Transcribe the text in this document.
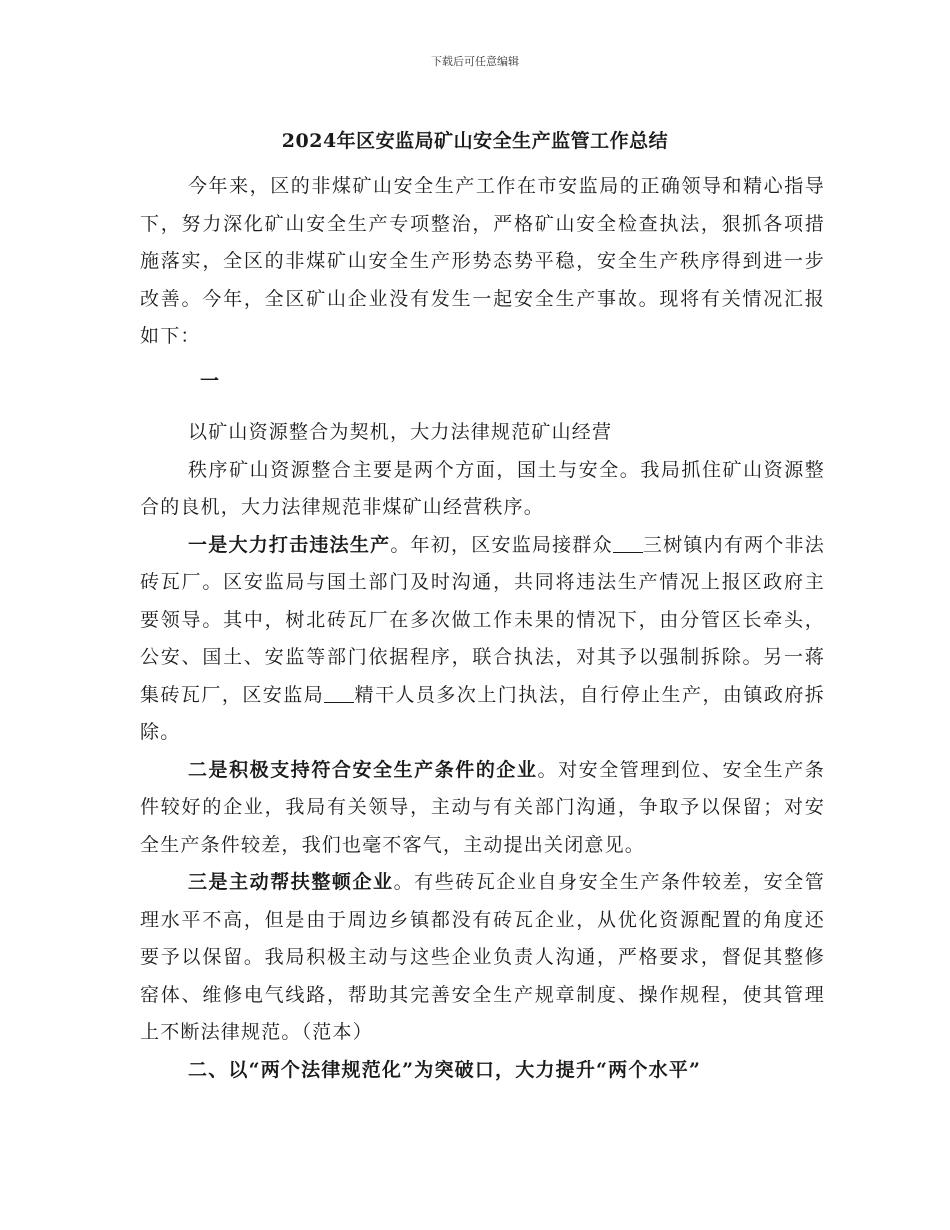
下载后可任意编辑
2024年区安监局矿山安全生产监管工作总结

今年来，区的非煤矿山安全生产工作在市安监局的正确领导和精心指导下，努力深化矿山安全生产专项整治，严格矿山安全检查执法，狠抓各项措施落实，全区的非煤矿山安全生产形势态势平稳，安全生产秩序得到进一步改善。今年，全区矿山企业没有发生一起安全生产事故。现将有关情况汇报如下：

一

以矿山资源整合为契机，大力法律规范矿山经营

秩序矿山资源整合主要是两个方面，国土与安全。我局抓住矿山资源整合的良机，大力法律规范非煤矿山经营秩序。

一是大力打击违法生产。年初，区安监局接群众 三树镇内有两个非法砖瓦厂。区安监局与国土部门及时沟通，共同将违法生产情况上报区政府主要领导。其中，树北砖瓦厂在多次做工作未果的情况下，由分管区长牵头，公安、国土、安监等部门依据程序，联合执法，对其予以强制拆除。另一蒋集砖瓦厂，区安监局 精干人员多次上门执法，自行停止生产，由镇政府拆除。

二是积极支持符合安全生产条件的企业。对安全管理到位、安全生产条件较好的企业，我局有关领导，主动与有关部门沟通，争取予以保留；对安全生产条件较差，我们也毫不客气，主动提出关闭意见。

三是主动帮扶整顿企业。有些砖瓦企业自身安全生产条件较差，安全管理水平不高，但是由于周边乡镇都没有砖瓦企业，从优化资源配置的角度还要予以保留。我局积极主动与这些企业负责人沟通，严格要求，督促其整修窑体、维修电气线路，帮助其完善安全生产规章制度、操作规程，使其管理上不断法律规范。（范本）

二、以“两个法律规范化”为突破口，大力提升“两个水平”
